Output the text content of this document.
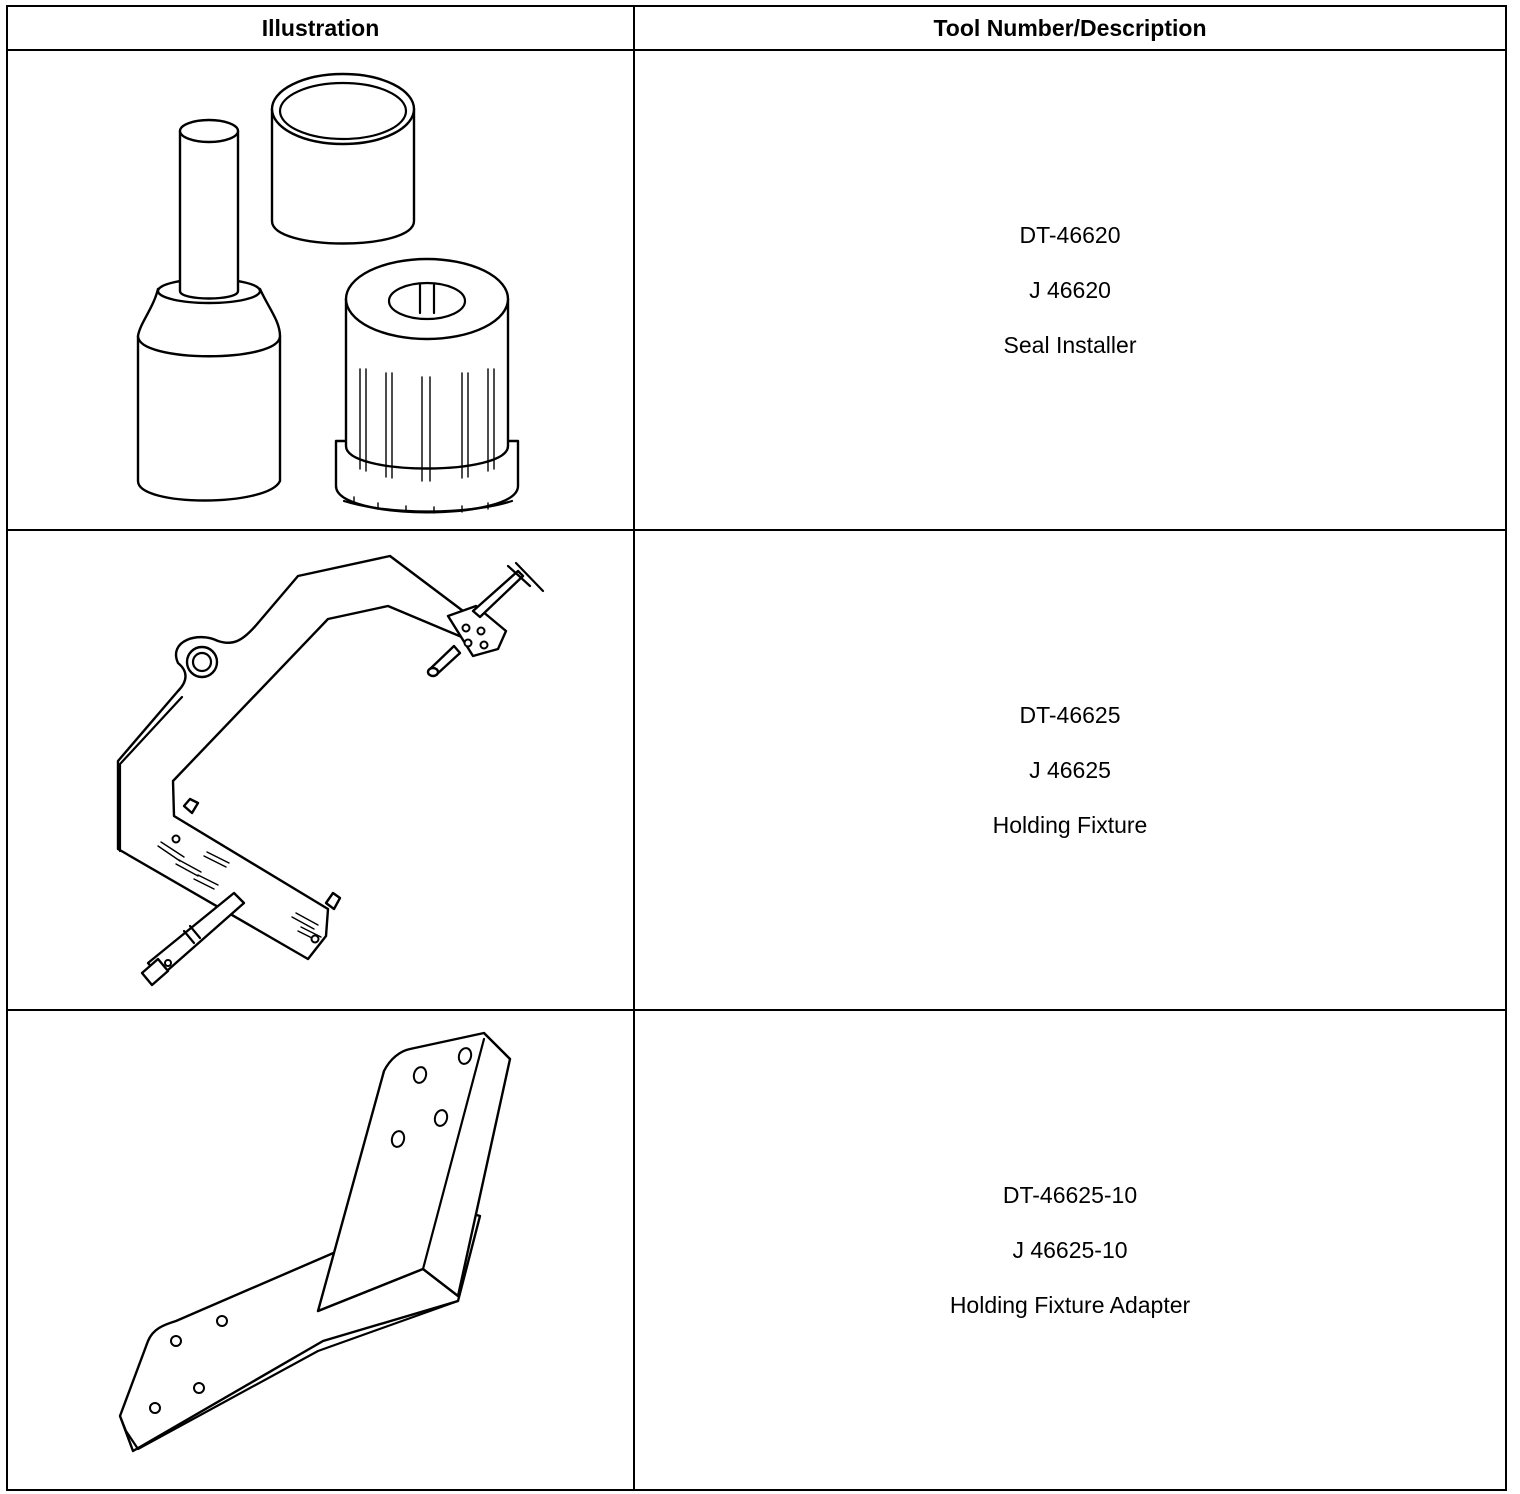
Illustration	Tool Number/Description

DT-46620
J 46620
Seal Installer

DT-46625
J 46625
Holding Fixture

DT-46625-10
J 46625-10
Holding Fixture Adapter
